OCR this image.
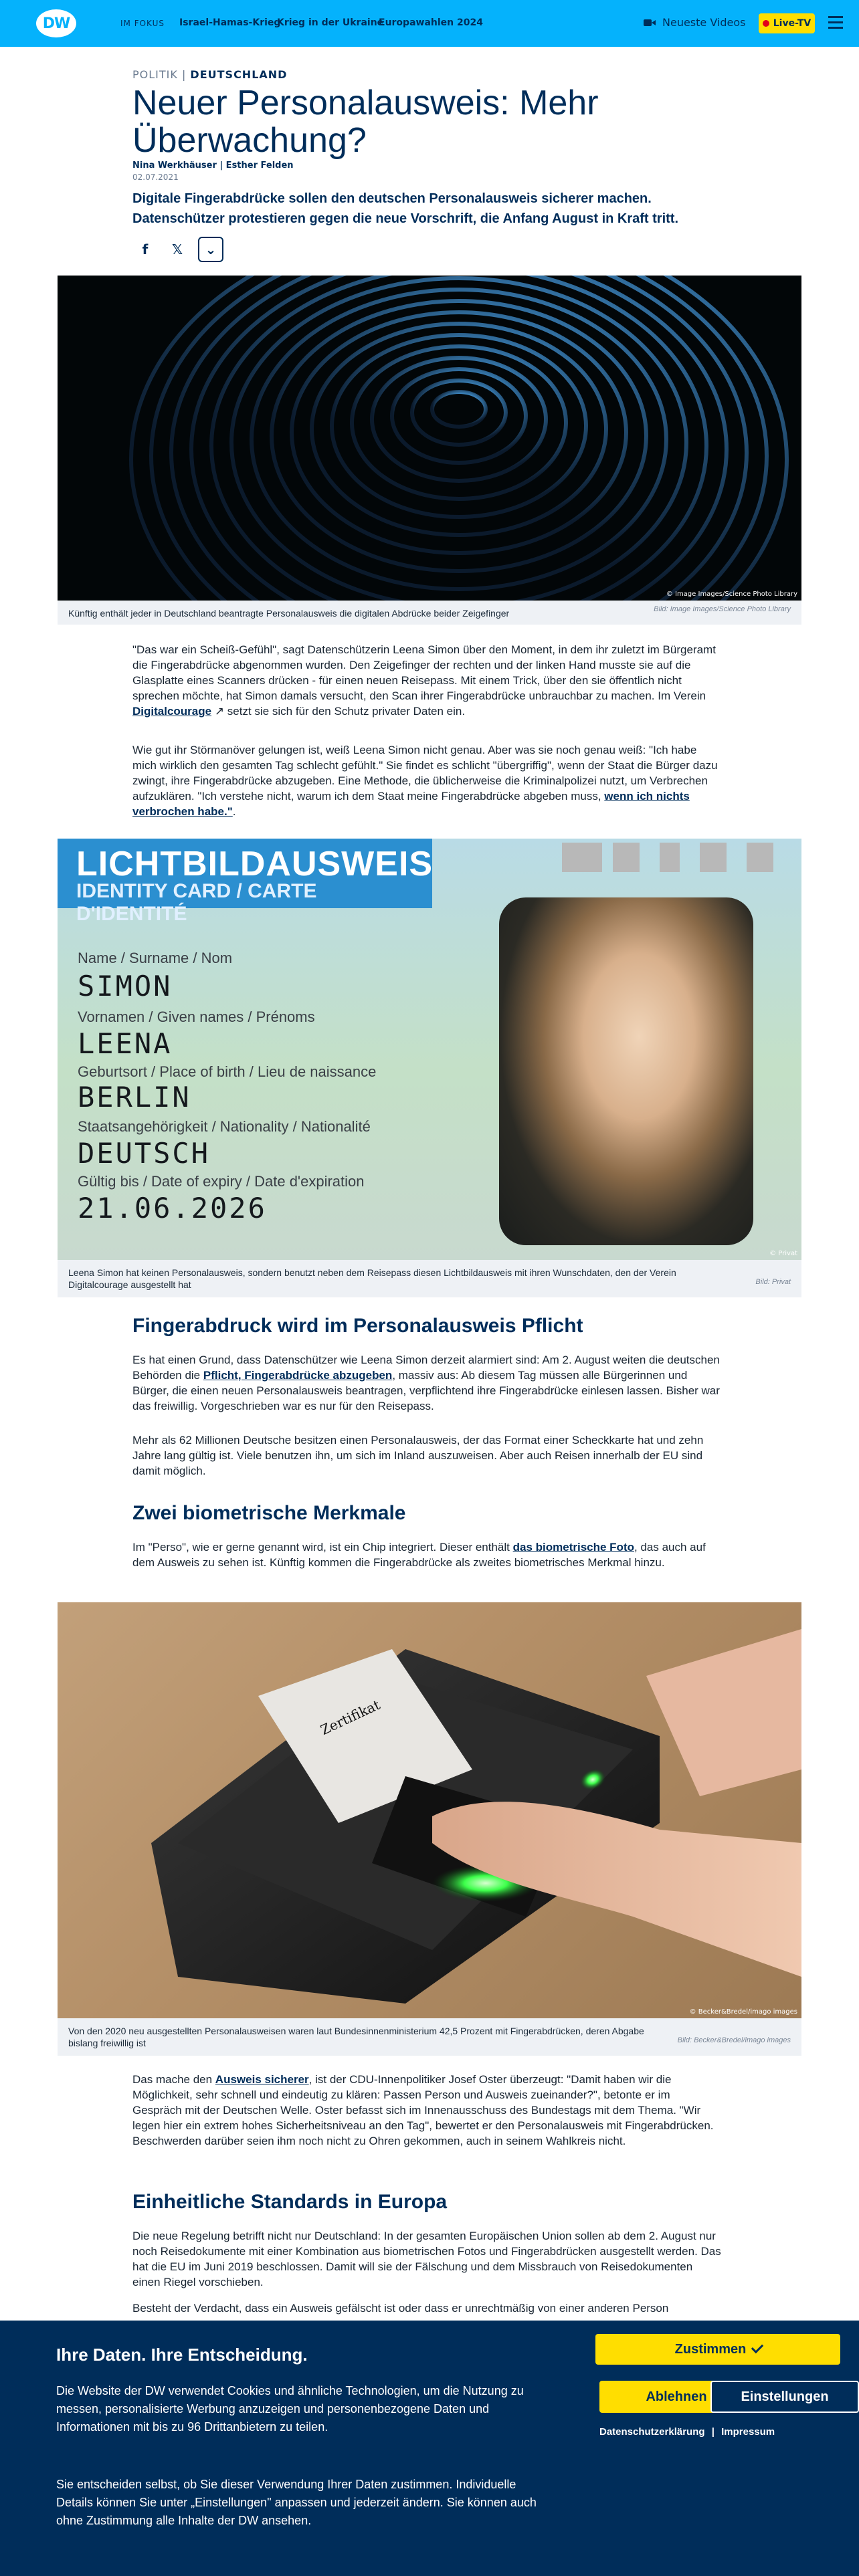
DW	IM FOKUS Israel-Hamas-Krieg
Krieg in der Ukraine
Europawahlen 2024	Neueste Videos	Live-TV
POLITIK | DEUTSCHLAND
Neuer Personalausweis: Mehr Überwachung?
Nina Werkhäuser | Esther Felden
02.07.2021
Digitale Fingerabdrücke sollen den deutschen Personalausweis sicherer machen. Datenschützer protestieren gegen die neue Vorschrift, die Anfang August in Kraft tritt.
f	𝕏	⌄
© Image Images/Science Photo Library
Künftig enthält jeder in Deutschland beantragte Personalausweis die digitalen Abdrücke beider Zeigefinger	Bild: Image Images/Science Photo Library
"Das war ein Scheiß-Gefühl", sagt Datenschützerin Leena Simon über den Moment, in dem ihr zuletzt im Bürgeramt die Fingerabdrücke abgenommen wurden. Den Zeigefinger der rechten und der linken Hand musste sie auf die Glasplatte eines Scanners drücken - für einen neuen Reisepass. Mit einem Trick, über den sie öffentlich nicht sprechen möchte, hat Simon damals versucht, den Scan ihrer Fingerabdrücke unbrauchbar zu machen. Im Verein Digitalcourage ↗ setzt sie sich für den Schutz privater Daten ein.
Wie gut ihr Störmanöver gelungen ist, weiß Leena Simon nicht genau. Aber was sie noch genau weiß: "Ich habe mich wirklich den gesamten Tag schlecht gefühlt." Sie findet es schlicht "übergriffig", wenn der Staat die Bürger dazu zwingt, ihre Fingerabdrücke abzugeben. Eine Methode, die üblicherweise die Kriminalpolizei nutzt, um Verbrechen aufzuklären. "Ich verstehe nicht, warum ich dem Staat meine Fingerabdrücke abgeben muss, wenn ich nichts verbrochen habe.".
LICHTBILDAUSWEIS
IDENTITY CARD / CARTE D'IDENTITÉ
Name / Surname / Nom
SIMON
Vornamen / Given names / Prénoms
LEENA
Geburtsort / Place of birth / Lieu de naissance
BERLIN
Staatsangehörigkeit / Nationality / Nationalité
DEUTSCH
Gültig bis / Date of expiry / Date d'expiration
21.06.2026
© Privat
Leena Simon hat keinen Personalausweis, sondern benutzt neben dem Reisepass diesen Lichtbildausweis mit ihren Wunschdaten, den der Verein Digitalcourage ausgestellt hat	Bild: Privat
Fingerabdruck wird im Personalausweis Pflicht
Es hat einen Grund, dass Datenschützer wie Leena Simon derzeit alarmiert sind: Am 2. August weiten die deutschen Behörden die Pflicht, Fingerabdrücke abzugeben, massiv aus: Ab diesem Tag müssen alle Bürgerinnen und Bürger, die einen neuen Personalausweis beantragen, verpflichtend ihre Fingerabdrücke einlesen lassen. Bisher war das freiwillig. Vorgeschrieben war es nur für den Reisepass.
Mehr als 62 Millionen Deutsche besitzen einen Personalausweis, der das Format einer Scheckkarte hat und zehn Jahre lang gültig ist. Viele benutzen ihn, um sich im Inland auszuweisen. Aber auch Reisen innerhalb der EU sind damit möglich.
Zwei biometrische Merkmale
Im "Perso", wie er gerne genannt wird, ist ein Chip integriert. Dieser enthält das biometrische Foto, das auch auf dem Ausweis zu sehen ist. Künftig kommen die Fingerabdrücke als zweites biometrisches Merkmal hinzu.
Zertifikat
© Becker&Bredel/imago images
Von den 2020 neu ausgestellten Personalausweisen waren laut Bundesinnenministerium 42,5 Prozent mit Fingerabdrücken, deren Abgabe bislang freiwillig ist	Bild: Becker&Bredel/imago images
Das mache den Ausweis sicherer, ist der CDU-Innenpolitiker Josef Oster überzeugt: "Damit haben wir die Möglichkeit, sehr schnell und eindeutig zu klären: Passen Person und Ausweis zueinander?", betonte er im Gespräch mit der Deutschen Welle. Oster befasst sich im Innenausschuss des Bundestags mit dem Thema. "Wir legen hier ein extrem hohes Sicherheitsniveau an den Tag", bewertet er den Personalausweis mit Fingerabdrücken. Beschwerden darüber seien ihm noch nicht zu Ohren gekommen, auch in seinem Wahlkreis nicht.
Einheitliche Standards in Europa
Die neue Regelung betrifft nicht nur Deutschland: In der gesamten Europäischen Union sollen ab dem 2. August nur noch Reisedokumente mit einer Kombination aus biometrischen Fotos und Fingerabdrücken ausgestellt werden. Das hat die EU im Juni 2019 beschlossen. Damit will sie der Fälschung und dem Missbrauch von Reisedokumenten einen Riegel vorschieben.
Besteht der Verdacht, dass ein Ausweis gefälscht ist oder dass er unrechtmäßig von einer anderen Person
Ihre Daten. Ihre Entscheidung.
Die Website der DW verwendet Cookies und ähnliche Technologien, um die Nutzung zu messen, personalisierte Werbung anzuzeigen und personenbezogene Daten und Informationen mit bis zu 96 Drittanbietern zu teilen.
Sie entscheiden selbst, ob Sie dieser Verwendung Ihrer Daten zustimmen. Individuelle Details können Sie unter „Einstellungen" anpassen und jederzeit ändern. Sie können auch ohne Zustimmung alle Inhalte der DW ansehen.
Zustimmen
Ablehnen	Einstellungen
Datenschutzerklärung | Impressum
